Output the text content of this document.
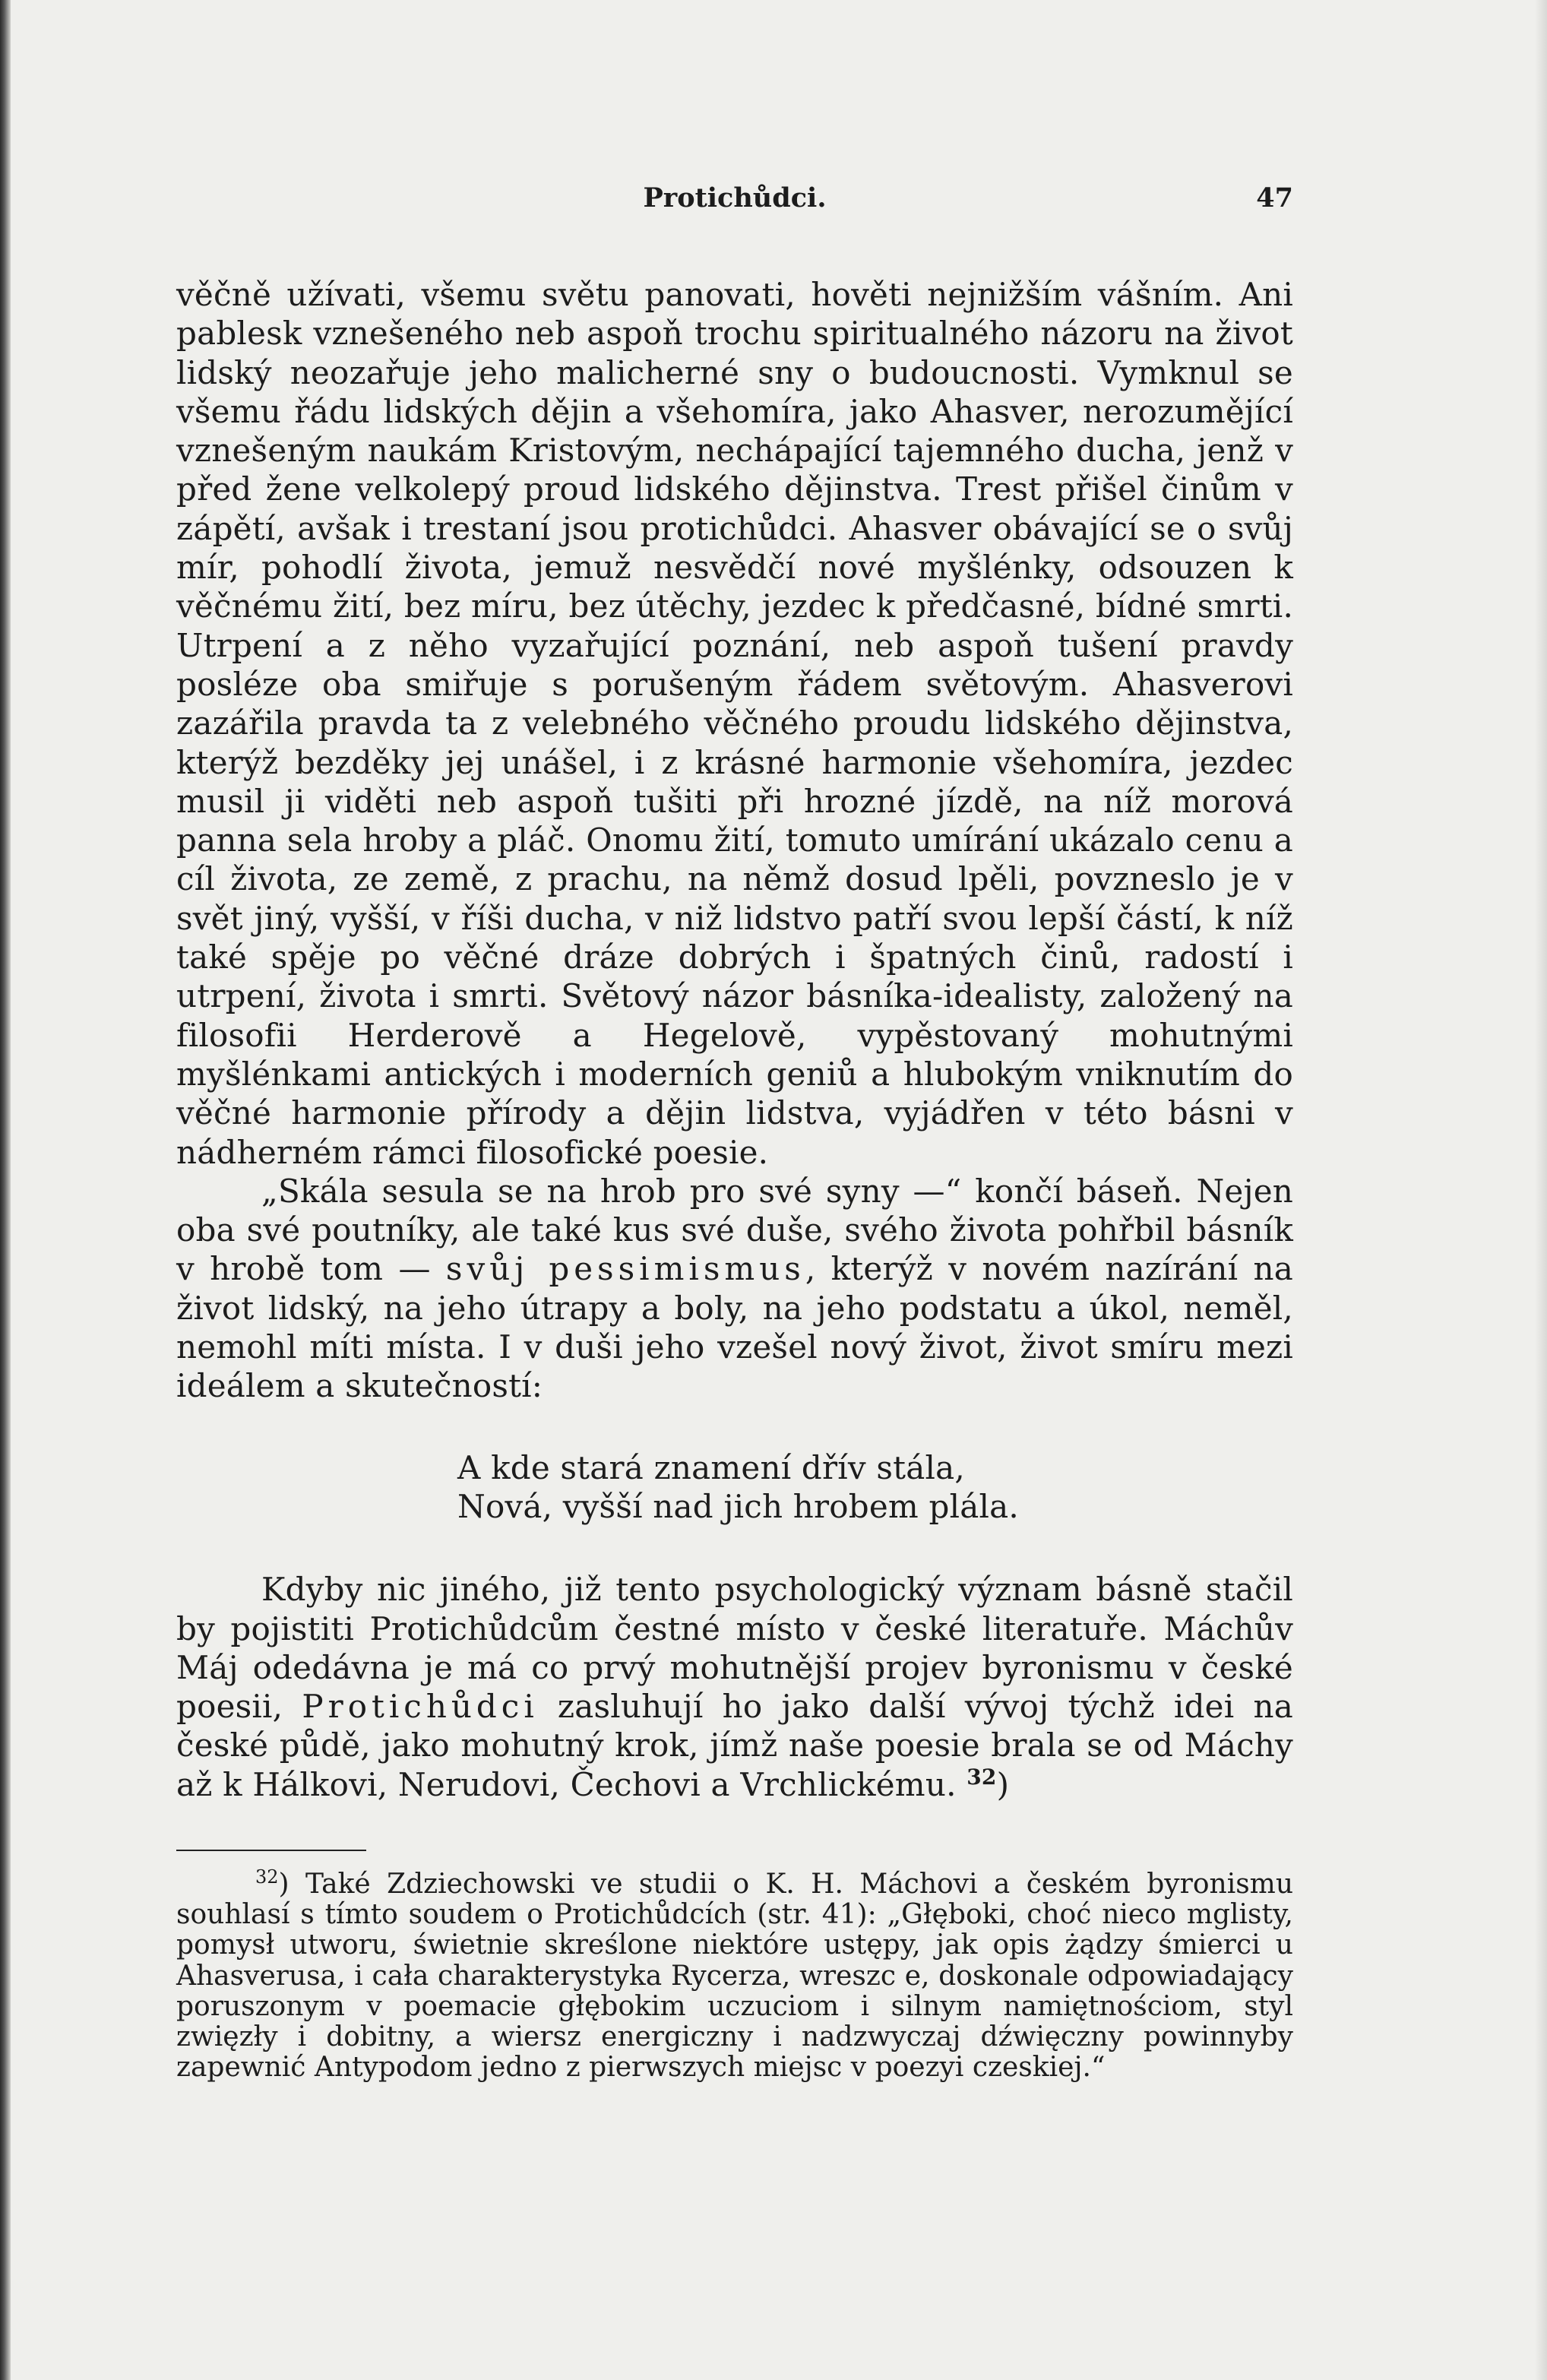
Protichůdci.	47

věčně užívati, všemu světu panovati, hověti nejnižším vášním. Ani pablesk vznešeného neb aspoň trochu spiritualného názoru na život lidský neozařuje jeho malicherné sny o budoucnosti. Vymknul se všemu řádu lidských dějin a všehomíra, jako Ahasver, nerozumějící vznešeným naukám Kristovým, nechápající tajemného ducha, jenž v před žene velkolepý proud lidského dějinstva. Trest přišel činům v zápětí, avšak i trestaní jsou protichůdci. Ahasver obávající se o svůj mír, pohodlí života, jemuž nesvědčí nové myšlénky, odsouzen k věčnému žití, bez míru, bez útěchy, jezdec k předčasné, bídné smrti. Utrpení a z něho vyzařující poznání, neb aspoň tušení pravdy posléze oba smiřuje s porušeným řádem světovým. Ahasverovi zazářila pravda ta z velebného věčného proudu lidského dějinstva, kterýž bezděky jej unášel, i z krásné harmonie všehomíra, jezdec musil ji viděti neb aspoň tušiti při hrozné jízdě, na níž morová panna sela hroby a pláč. Onomu žití, tomuto umírání ukázalo cenu a cíl života, ze země, z prachu, na němž dosud lpěli, povzneslo je v svět jiný, vyšší, v říši ducha, v niž lidstvo patří svou lepší částí, k níž také spěje po věčné dráze dobrých i špatných činů, radostí i utrpení, života i smrti. Světový názor básníka-idealisty, založený na filosofii Herderově a Hegelově, vypěstovaný mohutnými myšlénkami antických i moderních geniů a hlubokým vniknutím do věčné harmonie přírody a dějin lidstva, vyjádřen v této básni v nádherném rámci filosofické poesie.

„Skála sesula se na hrob pro své syny —“ končí báseň. Nejen oba své poutníky, ale také kus své duše, svého života pohřbil básník v hrobě tom — svůj pessimismus, kterýž v novém nazírání na život lidský, na jeho útrapy a boly, na jeho podstatu a úkol, neměl, nemohl míti místa. I v duši jeho vzešel nový život, život smíru mezi ideálem a skutečností:

A kde stará znamení dřív stála,
Nová, vyšší nad jich hrobem plála.

Kdyby nic jiného, již tento psychologický význam básně stačil by pojistiti Protichůdcům čestné místo v české literatuře. Máchův Máj odedávna je má co prvý mohutnější projev byronismu v české poesii, Protichůdci zasluhují ho jako další vývoj týchž idei na české půdě, jako mohutný krok, jímž naše poesie brala se od Máchy až k Hálkovi, Nerudovi, Čechovi a Vrchlickému. $^{32}$)

$^{32}$) Také Zdziechowski ve studii o K. H. Máchovi a českém byronismu souhlasí s tímto soudem o Protichůdcích (str. 41): „Głęboki, choć nieco mglisty, pomysł utworu, świetnie skreślone niektóre ustępy, jak opis żądzy śmierci u Ahasverusa, i cała charakterystyka Rycerza, wreszc e, doskonale odpowiadający poruszonym v poemacie głębokim uczuciom i silnym namiętnościom, styl zwięzły i dobitny, a wiersz energiczny i nadzwyczaj dźwięczny powinnyby zapewnić Antypodom jedno z pierwszych miejsc v poezyi czeskiej.“
